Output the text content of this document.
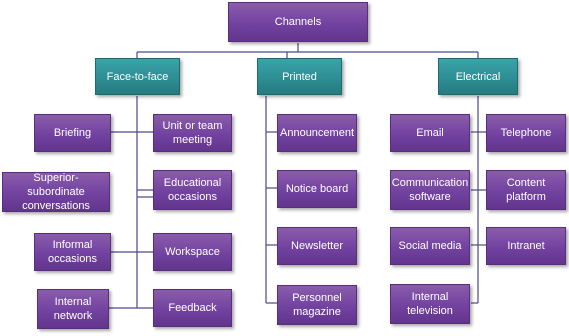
Channels
Face-to-face	Printed	Electrical
Briefing
Unit or team meeting
Superior-subordinate conversations
Educational occasions
Informal occasions
Workspace
Internal network
Feedback
Announcement
Notice board
Newsletter
Personnel magazine
Email	Telephone
Communication software
Content platform
Social media	Intranet
Internal television
